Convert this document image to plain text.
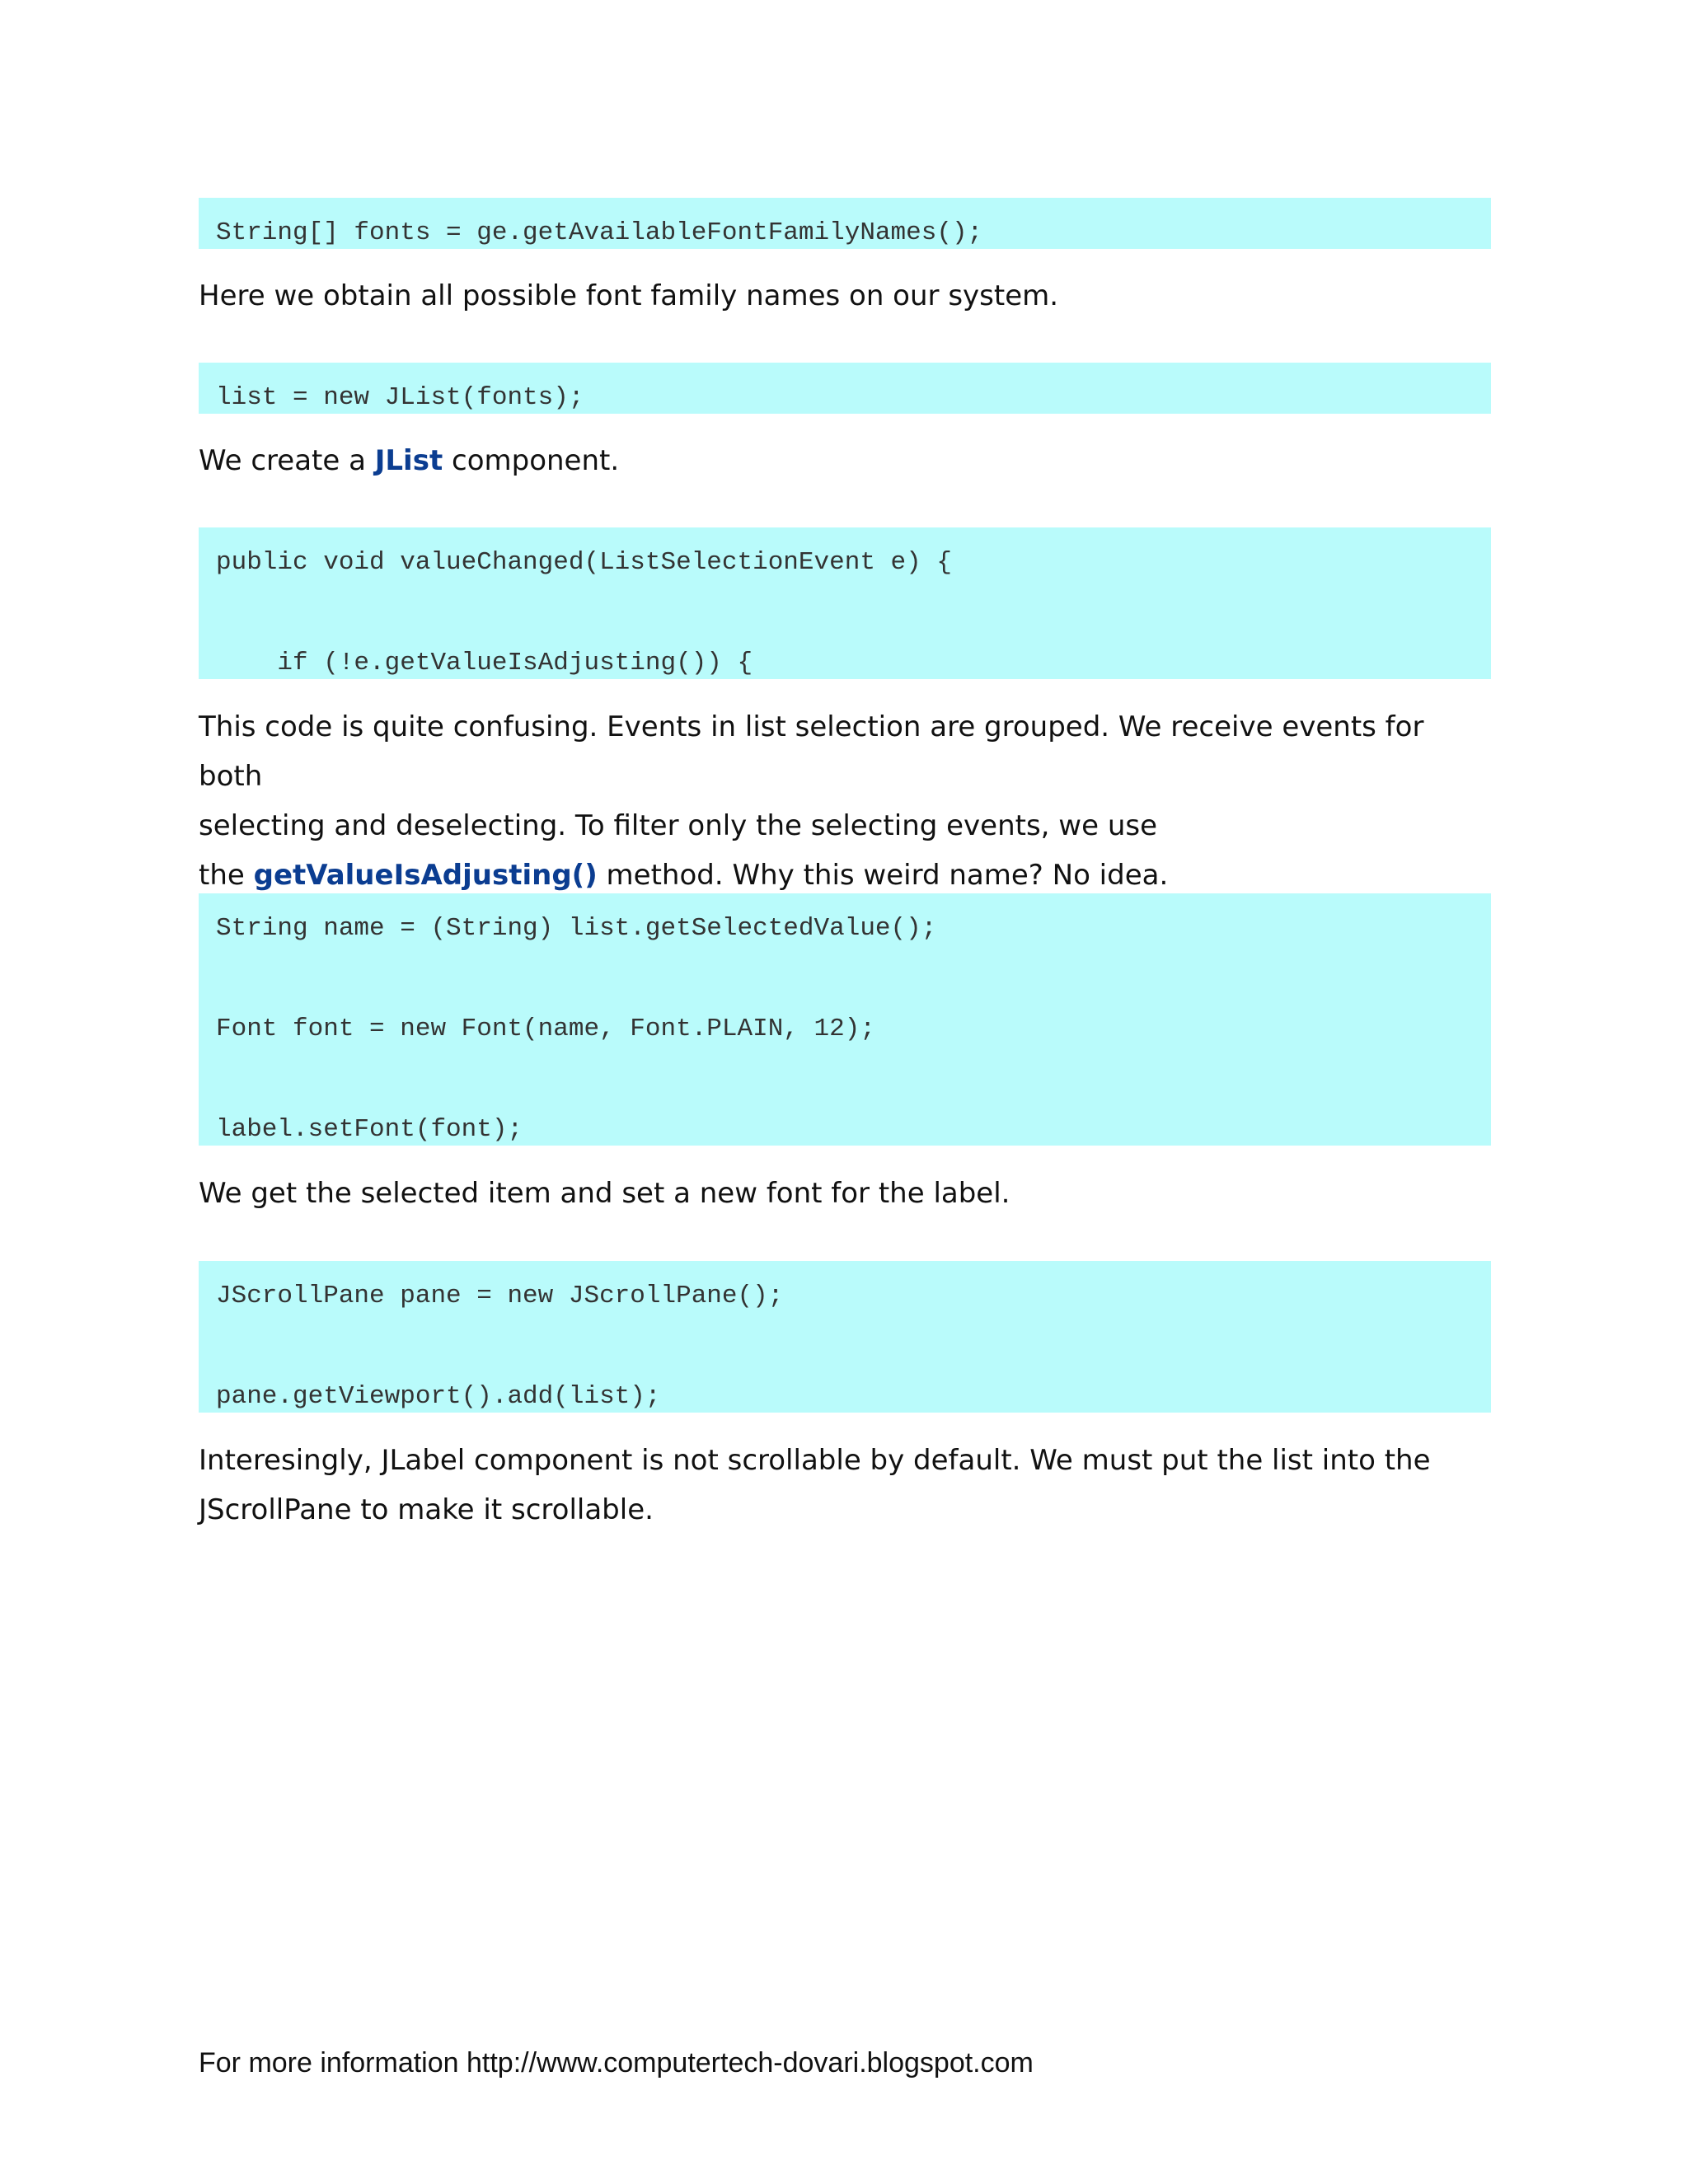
String[] fonts = ge.getAvailableFontFamilyNames();

Here we obtain all possible font family names on our system.

list = new JList(fonts);

We create a JList component.

public void valueChanged(ListSelectionEvent e) {
if (!e.getValueIsAdjusting()) {
This code is quite confusing. Events in list selection are grouped. We receive events for both
selecting and deselecting. To filter only the selecting events, we use
the getValueIsAdjusting() method. Why this weird name? No idea.
String name = (String) list.getSelectedValue();
Font font = new Font(name, Font.PLAIN, 12);
label.setFont(font);

We get the selected item and set a new font for the label.

JScrollPane pane = new JScrollPane();
pane.getViewport().add(list);
Interesingly, JLabel component is not scrollable by default. We must put the list into the
JScrollPane to make it scrollable.
For more information http://www.computertech-dovari.blogspot.com
